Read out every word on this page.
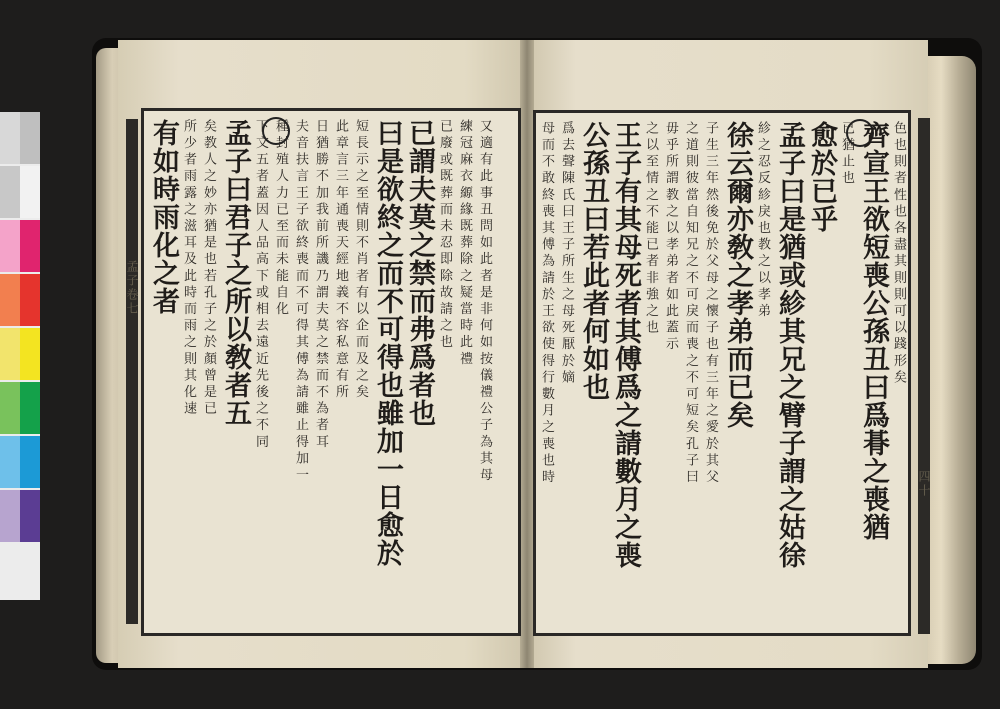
有如時雨化之者 所少者雨露之滋耳及此時而雨之則其化速 矣教人之妙亦猶是也若孔子之於顏曾是已 孟子曰君子之所以敎者五 下文五者蓋因人品高下或相去遠近先後之不同 種封殖人力已至而未能自化 夫音扶言王子欲終喪而不可得其傅為請雖止得加一 日猶勝不加我前所譏乃謂夫莫之禁而不為者耳 此章言三年通喪天經地義不容私意有所 短長示之至情則不肖者有以企而及之矣 曰是欲終之而不可得也雖加一日愈於 已謂夫莫之禁而弗爲者也 已廢或既葬而未忍即除故請之也 練冠麻衣縓緣既葬除之疑當時此禮 又適有此事丑問如此者是非何如按儀禮公子為其母
孟子卷七	母而不敢終喪其傅為請於王欲使得行數月之喪也時 爲去聲陳氏曰王子所生之母死厭於嫡 公孫丑曰若此者何如也 王子有其母死者其傅爲之請數月之喪 之以至情之不能已者非強之也 毋乎所謂教之以孝弟者如此蓋示 之道則彼當自知兄之不可戾而喪之不可短矣孔子曰 子生三年然後免於父母之懷子也有三年之愛於其父 徐云爾亦敎之孝弟而已矣 紾之忍反紾戾也教之以孝弟 孟子曰是猶或紾其兄之臂子謂之姑徐 愈於已乎 已猶止也 齊宣王欲短喪公孫丑曰爲朞之喪猶 色也則者性也各盡其則則可以踐形矣
四十
